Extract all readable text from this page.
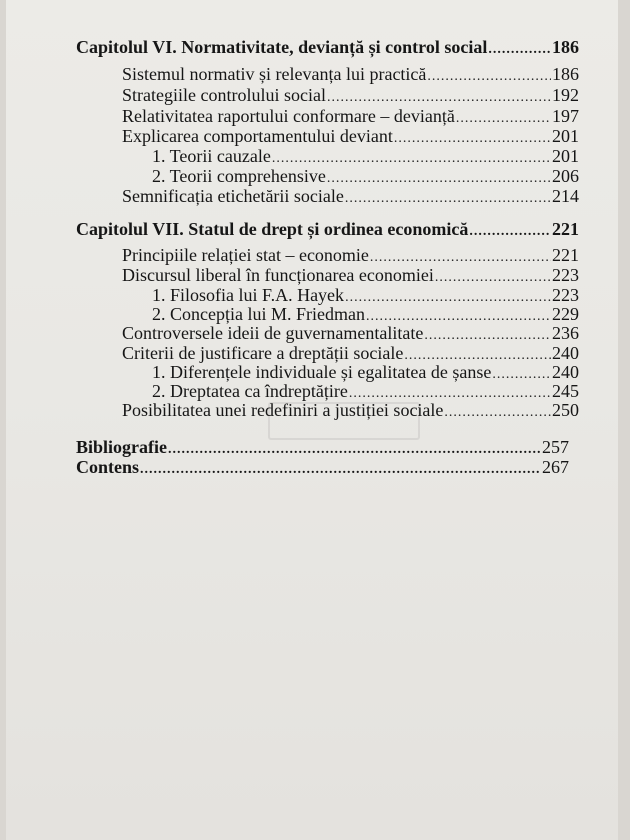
Capitolul VI. Normativitate, devianță și control social .....	186
Sistemul normativ și relevanța lui practică .....	186
Strategiile controlului social .....	192
Relativitatea raportului conformare – devianță .....	197
Explicarea comportamentului deviant .....	201
1. Teorii cauzale .....	201
2. Teorii comprehensive .....	206
Semnificația etichetării sociale .....	214
Capitolul VII. Statul de drept și ordinea economică .....	221
Principiile relației stat – economie .....	221
Discursul liberal în funcționarea economiei .....	223
1. Filosofia lui F.A. Hayek .....	223
2. Concepția lui M. Friedman .....	229
Controversele ideii de guvernamentalitate .....	236
Criterii de justificare a dreptății sociale .....	240
1. Diferențele individuale și egalitatea de șanse .....	240
2. Dreptatea ca îndreptățire .....	245
Posibilitatea unei redefiniri a justiției sociale .....	250
Bibliografie .....	257
Contens .....	267
